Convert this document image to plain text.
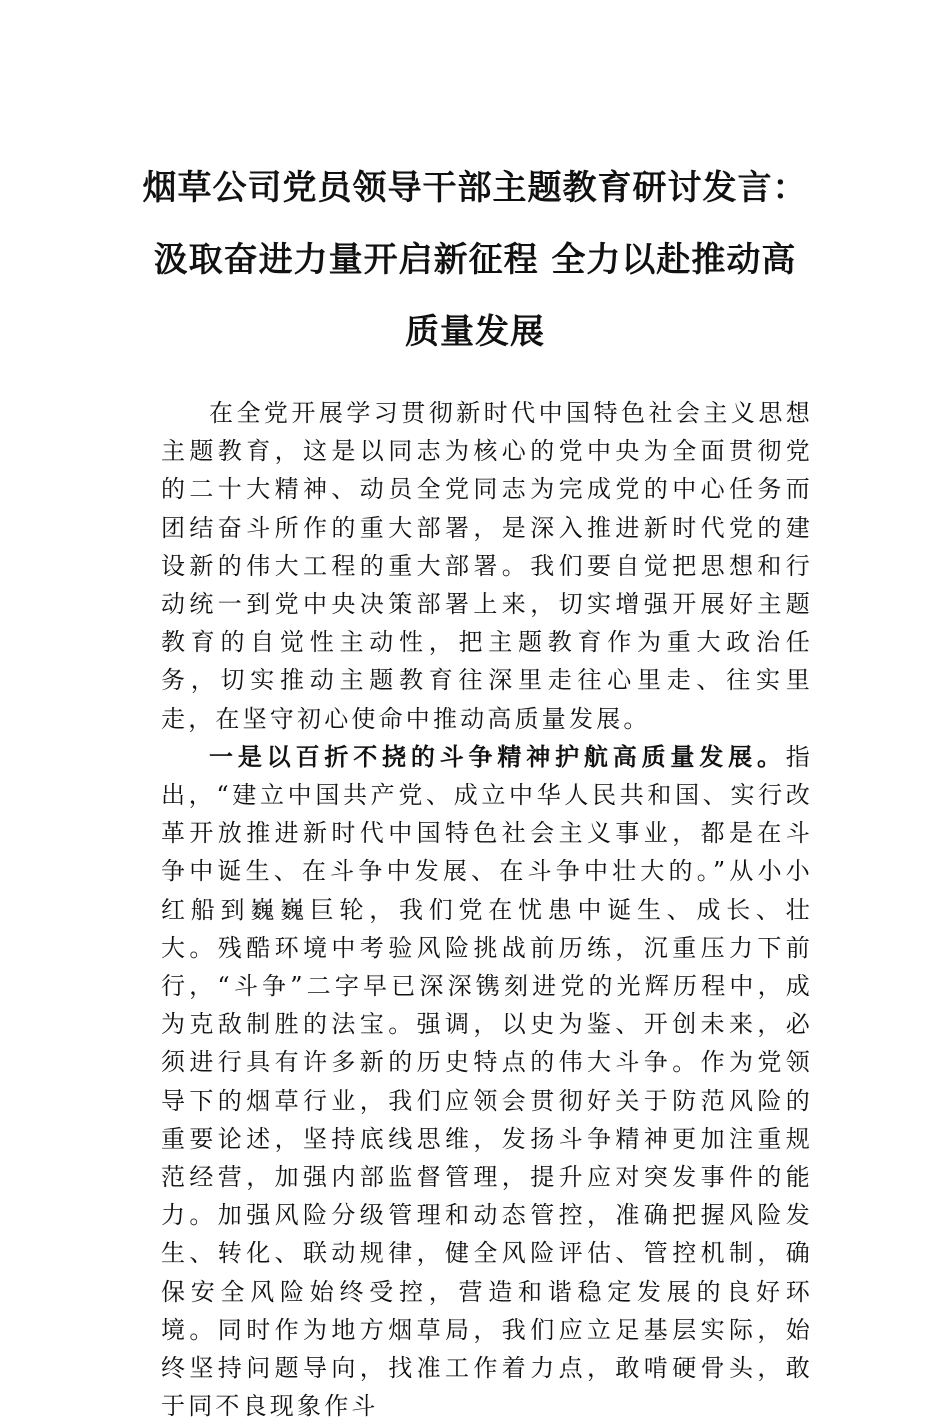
烟草公司党员领导干部主题教育研讨发言：
汲取奋进力量开启新征程 全力以赴推动高
质量发展

在全党开展学习贯彻新时代中国特色社会主义思想主题教育，这是以同志为核心的党中央为全面贯彻党的二十大精神、动员全党同志为完成党的中心任务而团结奋斗所作的重大部署，是深入推进新时代党的建设新的伟大工程的重大部署。我们要自觉把思想和行动统一到党中央决策部署上来，切实增强开展好主题教育的自觉性主动性，把主题教育作为重大政治任务，切实推动主题教育往深里走往心里走、往实里走，在坚守初心使命中推动高质量发展。

一是以百折不挠的斗争精神护航高质量发展。指出，“建立中国共产党、成立中华人民共和国、实行改革开放推进新时代中国特色社会主义事业，都是在斗争中诞生、在斗争中发展、在斗争中壮大的。”从小小红船到巍巍巨轮，我们党在忧患中诞生、成长、壮大。残酷环境中考验风险挑战前历练，沉重压力下前行，“斗争”二字早已深深镌刻进党的光辉历程中，成为克敌制胜的法宝。强调，以史为鉴、开创未来，必须进行具有许多新的历史特点的伟大斗争。作为党领导下的烟草行业，我们应领会贯彻好关于防范风险的重要论述，坚持底线思维，发扬斗争精神更加注重规范经营，加强内部监督管理，提升应对突发事件的能力。加强风险分级管理和动态管控，准确把握风险发生、转化、联动规律，健全风险评估、管控机制，确保安全风险始终受控，营造和谐稳定发展的良好环境。同时作为地方烟草局，我们应立足基层实际，始终坚持问题导向，找准工作着力点，敢啃硬骨头，敢于同不良现象作斗
